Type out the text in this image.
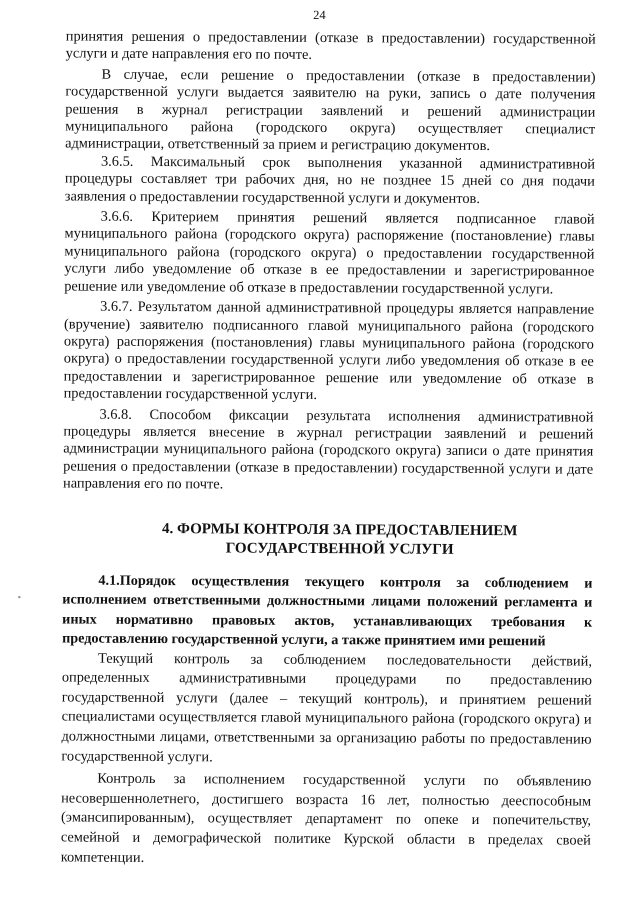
24

принятия решения о предоставлении (отказе в предоставлении) государственной услуги и дате направления его по почте.

В случае, если решение о предоставлении (отказе в предоставлении) государственной услуги выдается заявителю на руки, запись о дате получения решения в журнал регистрации заявлений и решений администрации муниципального района (городского округа) осуществляет специалист администрации, ответственный за прием и регистрацию документов.

3.6.5. Максимальный срок выполнения указанной административной процедуры составляет три рабочих дня, но не позднее 15 дней со дня подачи заявления о предоставлении государственной услуги и документов.

3.6.6. Критерием принятия решений является подписанное главой муниципального района (городского округа) распоряжение (постановление) главы муниципального района (городского округа) о предоставлении государственной услуги либо уведомление об отказе в ее предоставлении и зарегистрированное решение или уведомление об отказе в предоставлении государственной услуги.

3.6.7. Результатом данной административной процедуры является направление (вручение) заявителю подписанного главой муниципального района (городского округа) распоряжения (постановления) главы муниципального района (городского округа) о предоставлении государственной услуги либо уведомления об отказе в ее предоставлении и зарегистрированное решение или уведомление об отказе в предоставлении государственной услуги.

3.6.8. Способом фиксации результата исполнения административной процедуры является внесение в журнал регистрации заявлений и решений администрации муниципального района (городского округа) записи о дате принятия решения о предоставлении (отказе в предоставлении) государственной услуги и дате направления его по почте.

4. ФОРМЫ КОНТРОЛЯ ЗА ПРЕДОСТАВЛЕНИЕМ
ГОСУДАРСТВЕННОЙ УСЛУГИ

4.1.Порядок осуществления текущего контроля за соблюдением и исполнением ответственными должностными лицами положений регламента и иных нормативно правовых актов, устанавливающих требования к предоставлению государственной услуги, а также принятием ими решений

Текущий контроль за соблюдением последовательности действий, определенных административными процедурами по предоставлению государственной услуги (далее – текущий контроль), и принятием решений специалистами осуществляется главой муниципального района (городского округа) и должностными лицами, ответственными за организацию работы по предоставлению государственной услуги.

Контроль за исполнением государственной услуги по объявлению несовершеннолетнего, достигшего возраста 16 лет, полностью дееспособным (эмансипированным), осуществляет департамент по опеке и попечительству, семейной и демографической политике Курской области в пределах своей компетенции.
